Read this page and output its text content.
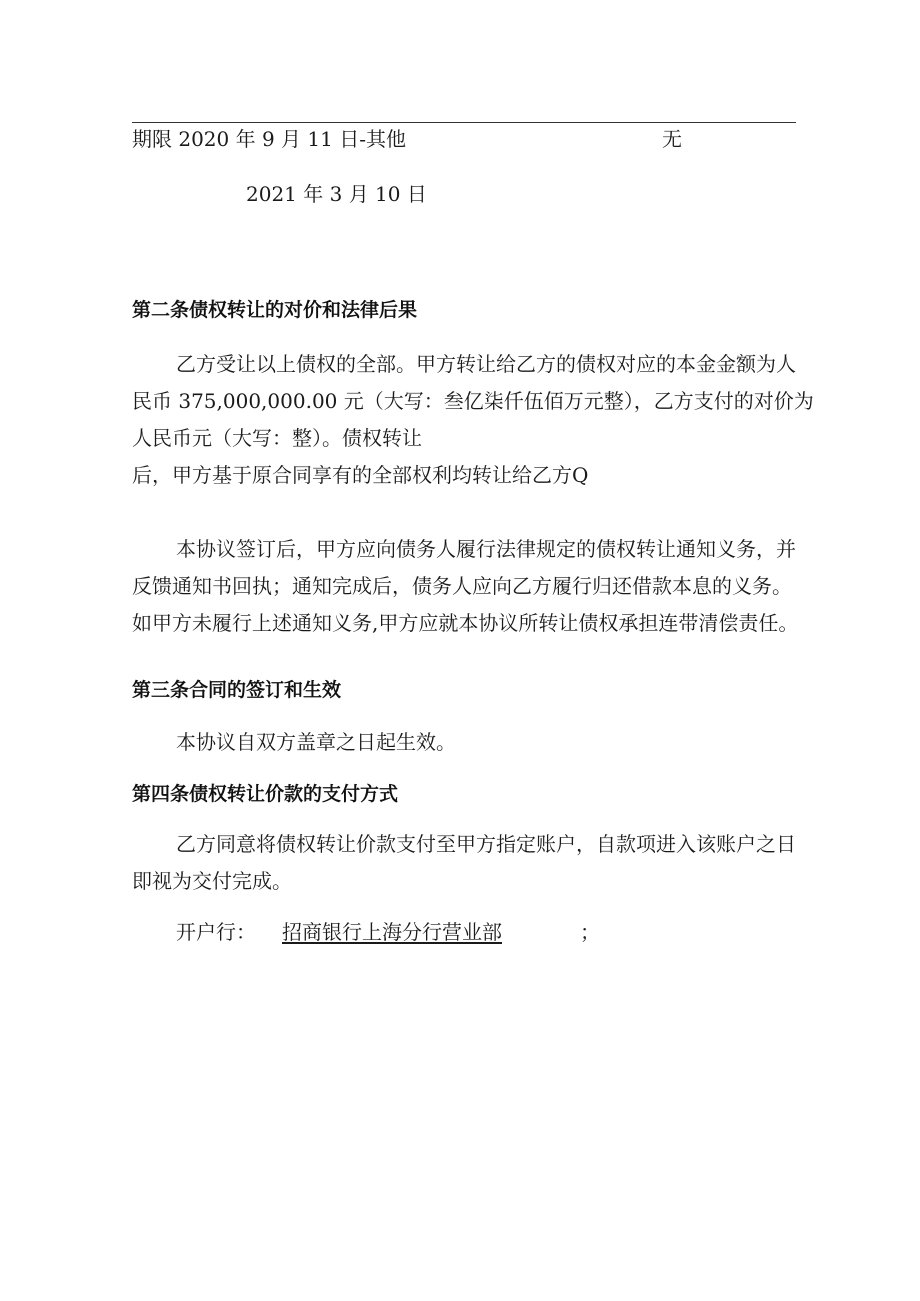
期限 2020 年 9 月 11 日-其他	无
2021 年 3 月 10 日
第二条债权转让的对价和法律后果
乙方受让以上债权的全部。甲方转让给乙方的债权对应的本金金额为人
民币 375,000,000.00 元（大写：叁亿柒仟伍佰万元整），乙方支付的对价为
人民币元（大写：整）。债权转让
后，甲方基于原合同享有的全部权利均转让给乙方Q
本协议签订后，甲方应向债务人履行法律规定的债权转让通知义务，并
反馈通知书回执；通知完成后，债务人应向乙方履行归还借款本息的义务。
如甲方未履行上述通知义务,甲方应就本协议所转让债权承担连带清偿责任。
第三条合同的签订和生效
本协议自双方盖章之日起生效。
第四条债权转让价款的支付方式
乙方同意将债权转让价款支付至甲方指定账户，自款项进入该账户之日
即视为交付完成。
开户行： 招商银行上海分行营业部	；
